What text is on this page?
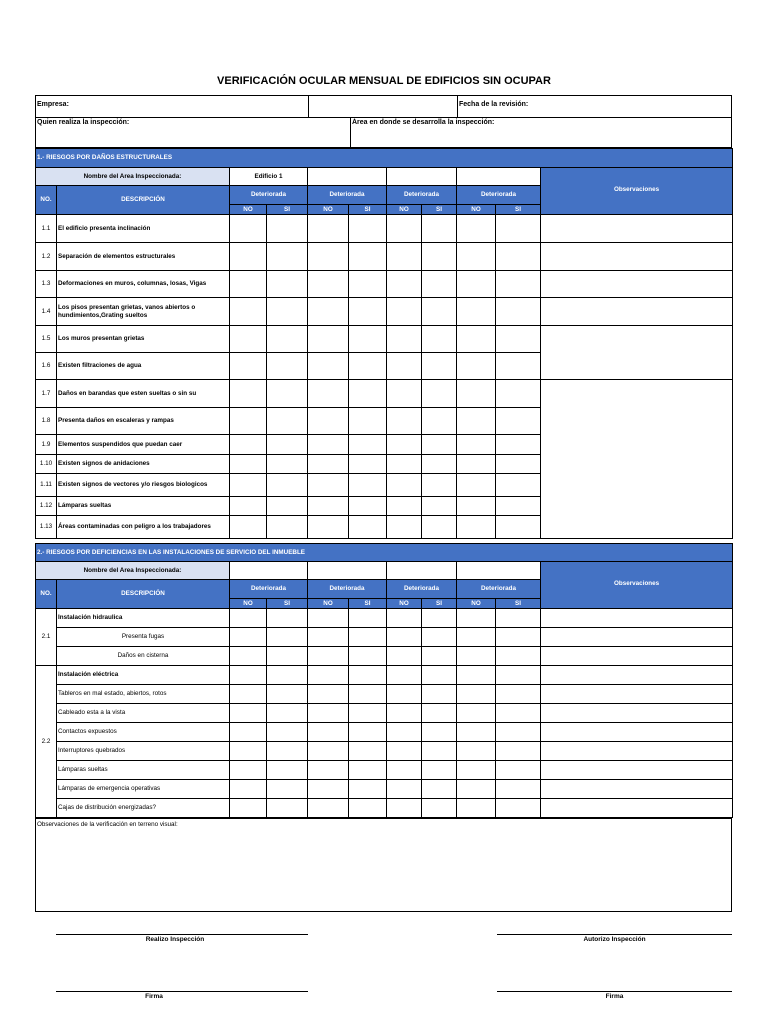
VERIFICACIÓN OCULAR MENSUAL DE EDIFICIOS SIN OCUPAR
Empresa:	Fecha de la revisión:
Quien realiza la inspección:	Área en donde se desarrolla la inspección:
1.- RIESGOS POR DAÑOS ESTRUCTURALES										
Nombre del Area Inspeccionada:		Edificio 1								Observaciones
NO.	DESCRIPCIÓN	Deteriorada		Deteriorada		Deteriorada		Deteriorada		
		NO	SI	NO	SI	NO	SI	NO	SI	
1.1	El edificio presenta inclinación									
1.2	Separación de elementos estructurales									
1.3	Deformaciones en muros, columnas, losas, Vigas									
1.4	Los pisos presentan grietas, vanos abiertos o hundimientos,Grating sueltos									
1.5	Los muros presentan grietas									
1.6	Existen filtraciones de agua									
1.7	Daños en barandas que esten sueltas o sin su									
1.8	Presenta daños en escaleras y rampas									
1.9	Elementos suspendidos que puedan caer									
1.10	Existen signos de anidaciones									
1.11	Existen signos de vectores y/o riesgos biologicos									
1.12	Lámparas sueltas									
1.13	Áreas contaminadas con peligro a los trabajadores									
2.- RIESGOS POR DEFICIENCIAS EN LAS INSTALACIONES DE SERVICIO DEL INMUEBLE										
Nombre del Area Inspeccionada:										Observaciones
NO.	DESCRIPCIÓN	Deteriorada		Deteriorada		Deteriorada		Deteriorada		
		NO	SI	NO	SI	NO	SI	NO	SI	
2.1	Instalación hidraulica									
	Presenta fugas									
	Daños en cisterna									
2.2	Instalación eléctrica									
	Tableros en mal estado, abiertos, rotos									
	Cableado esta a la vista									
	Contactos expuestos									
	Interruptores quebrados									
	Lámparas sueltas									
	Lámparas de emergencia operativas									
	Cajas de distribución energizadas?									
Observaciones de la verificación en terreno visual:
Realizo Inspección	Autorizo Inspección
Firma	Firma
